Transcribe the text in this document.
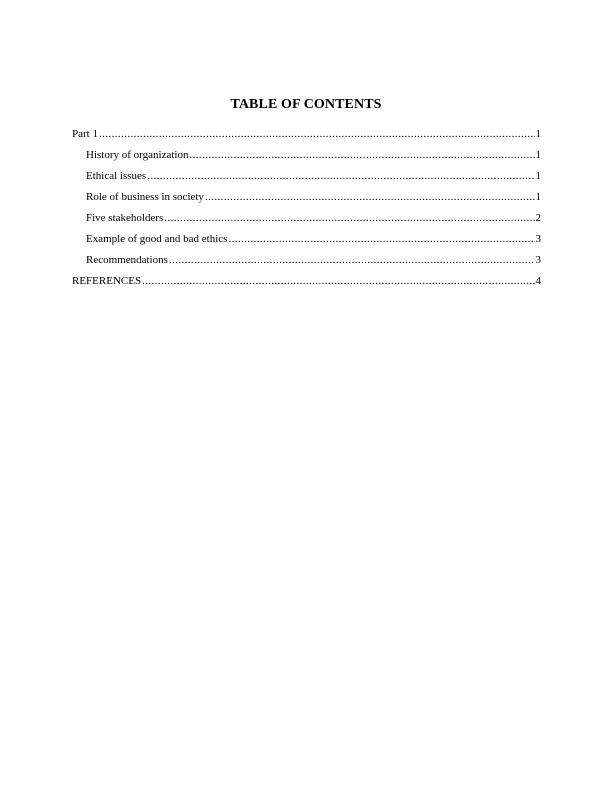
TABLE OF CONTENTS
Part 1 .....	1
History of organization .....	1
Ethical issues .....	1
Role of business in society .....	1
Five stakeholders .....	2
Example of good and bad ethics .....	3
Recommendations .....	3
REFERENCES .....	4
